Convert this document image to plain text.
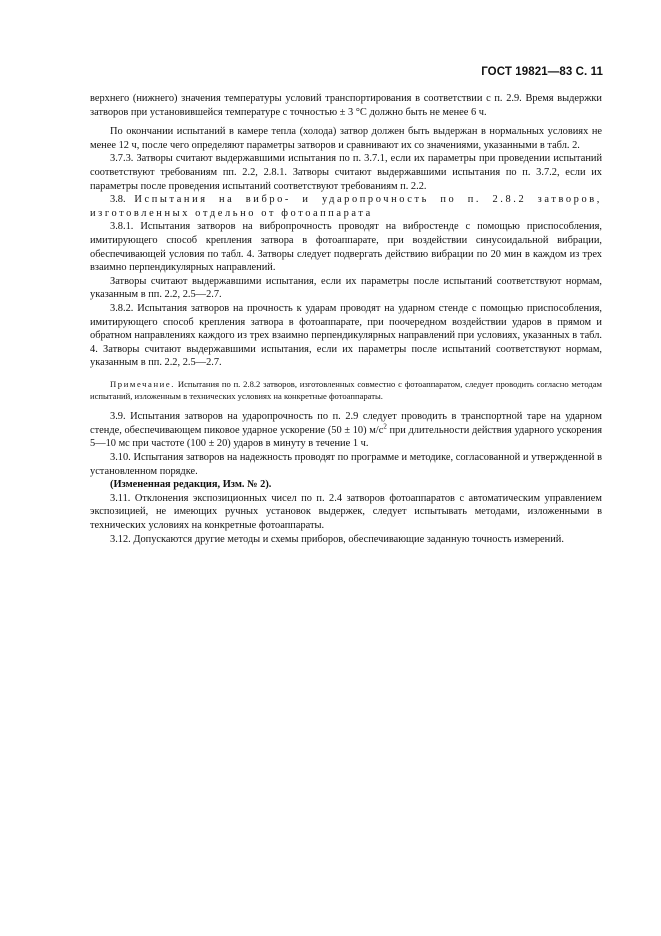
ГОСТ 19821—83 С. 11

верхнего (нижнего) значения температуры условий транспортирования в соответствии с п. 2.9. Время выдержки затворов при установившейся температуре с точностью ± 3 °С должно быть не менее 6 ч.

По окончании испытаний в камере тепла (холода) затвор должен быть выдержан в нормальных условиях не менее 12 ч, после чего определяют параметры затворов и сравнивают их со значениями, указанными в табл. 2.

3.7.3. Затворы считают выдержавшими испытания по п. 3.7.1, если их параметры при проведении испытаний соответствуют требованиям пп. 2.2, 2.8.1. Затворы считают выдержавшими испытания по п. 3.7.2, если их параметры после проведения испытаний соответствуют требованиям п. 2.2.

3.8. Испытания на вибро- и ударопрочность по п. 2.8.2 затворов, изготовленных отдельно от фотоаппарата

3.8.1. Испытания затворов на вибропрочность проводят на вибростенде с помощью приспособления, имитирующего способ крепления затвора в фотоаппарате, при воздействии синусоидальной вибрации, обеспечивающей условия по табл. 4. Затворы следует подвергать действию вибрации по 20 мин в каждом из трех взаимно перпендикулярных направлений.

Затворы считают выдержавшими испытания, если их параметры после испытаний соответствуют нормам, указанным в пп. 2.2, 2.5—2.7.

3.8.2. Испытания затворов на прочность к ударам проводят на ударном стенде с помощью приспособления, имитирующего способ крепления затвора в фотоаппарате, при поочередном воздействии ударов в прямом и обратном направлениях каждого из трех взаимно перпендикулярных направлений при условиях, указанных в табл. 4. Затворы считают выдержавшими испытания, если их параметры после испытаний соответствуют нормам, указанным в пп. 2.2, 2.5—2.7.

Примечание. Испытания по п. 2.8.2 затворов, изготовленных совместно с фотоаппаратом, следует проводить согласно методам испытаний, изложенным в технических условиях на конкретные фотоаппараты.

3.9. Испытания затворов на ударопрочность по п. 2.9 следует проводить в транспортной таре на ударном стенде, обеспечивающем пиковое ударное ускорение (50 ± 10) $м/с^2$ при длительности действия ударного ускорения 5—10 мс при частоте (100 ± 20) ударов в минуту в течение 1 ч.

3.10. Испытания затворов на надежность проводят по программе и методике, согласованной и утвержденной в установленном порядке.

(Измененная редакция, Изм. № 2).

3.11. Отклонения экспозиционных чисел по п. 2.4 затворов фотоаппаратов с автоматическим управлением экспозицией, не имеющих ручных установок выдержек, следует испытывать методами, изложенными в технических условиях на конкретные фотоаппараты.

3.12. Допускаются другие методы и схемы приборов, обеспечивающие заданную точность измерений.
